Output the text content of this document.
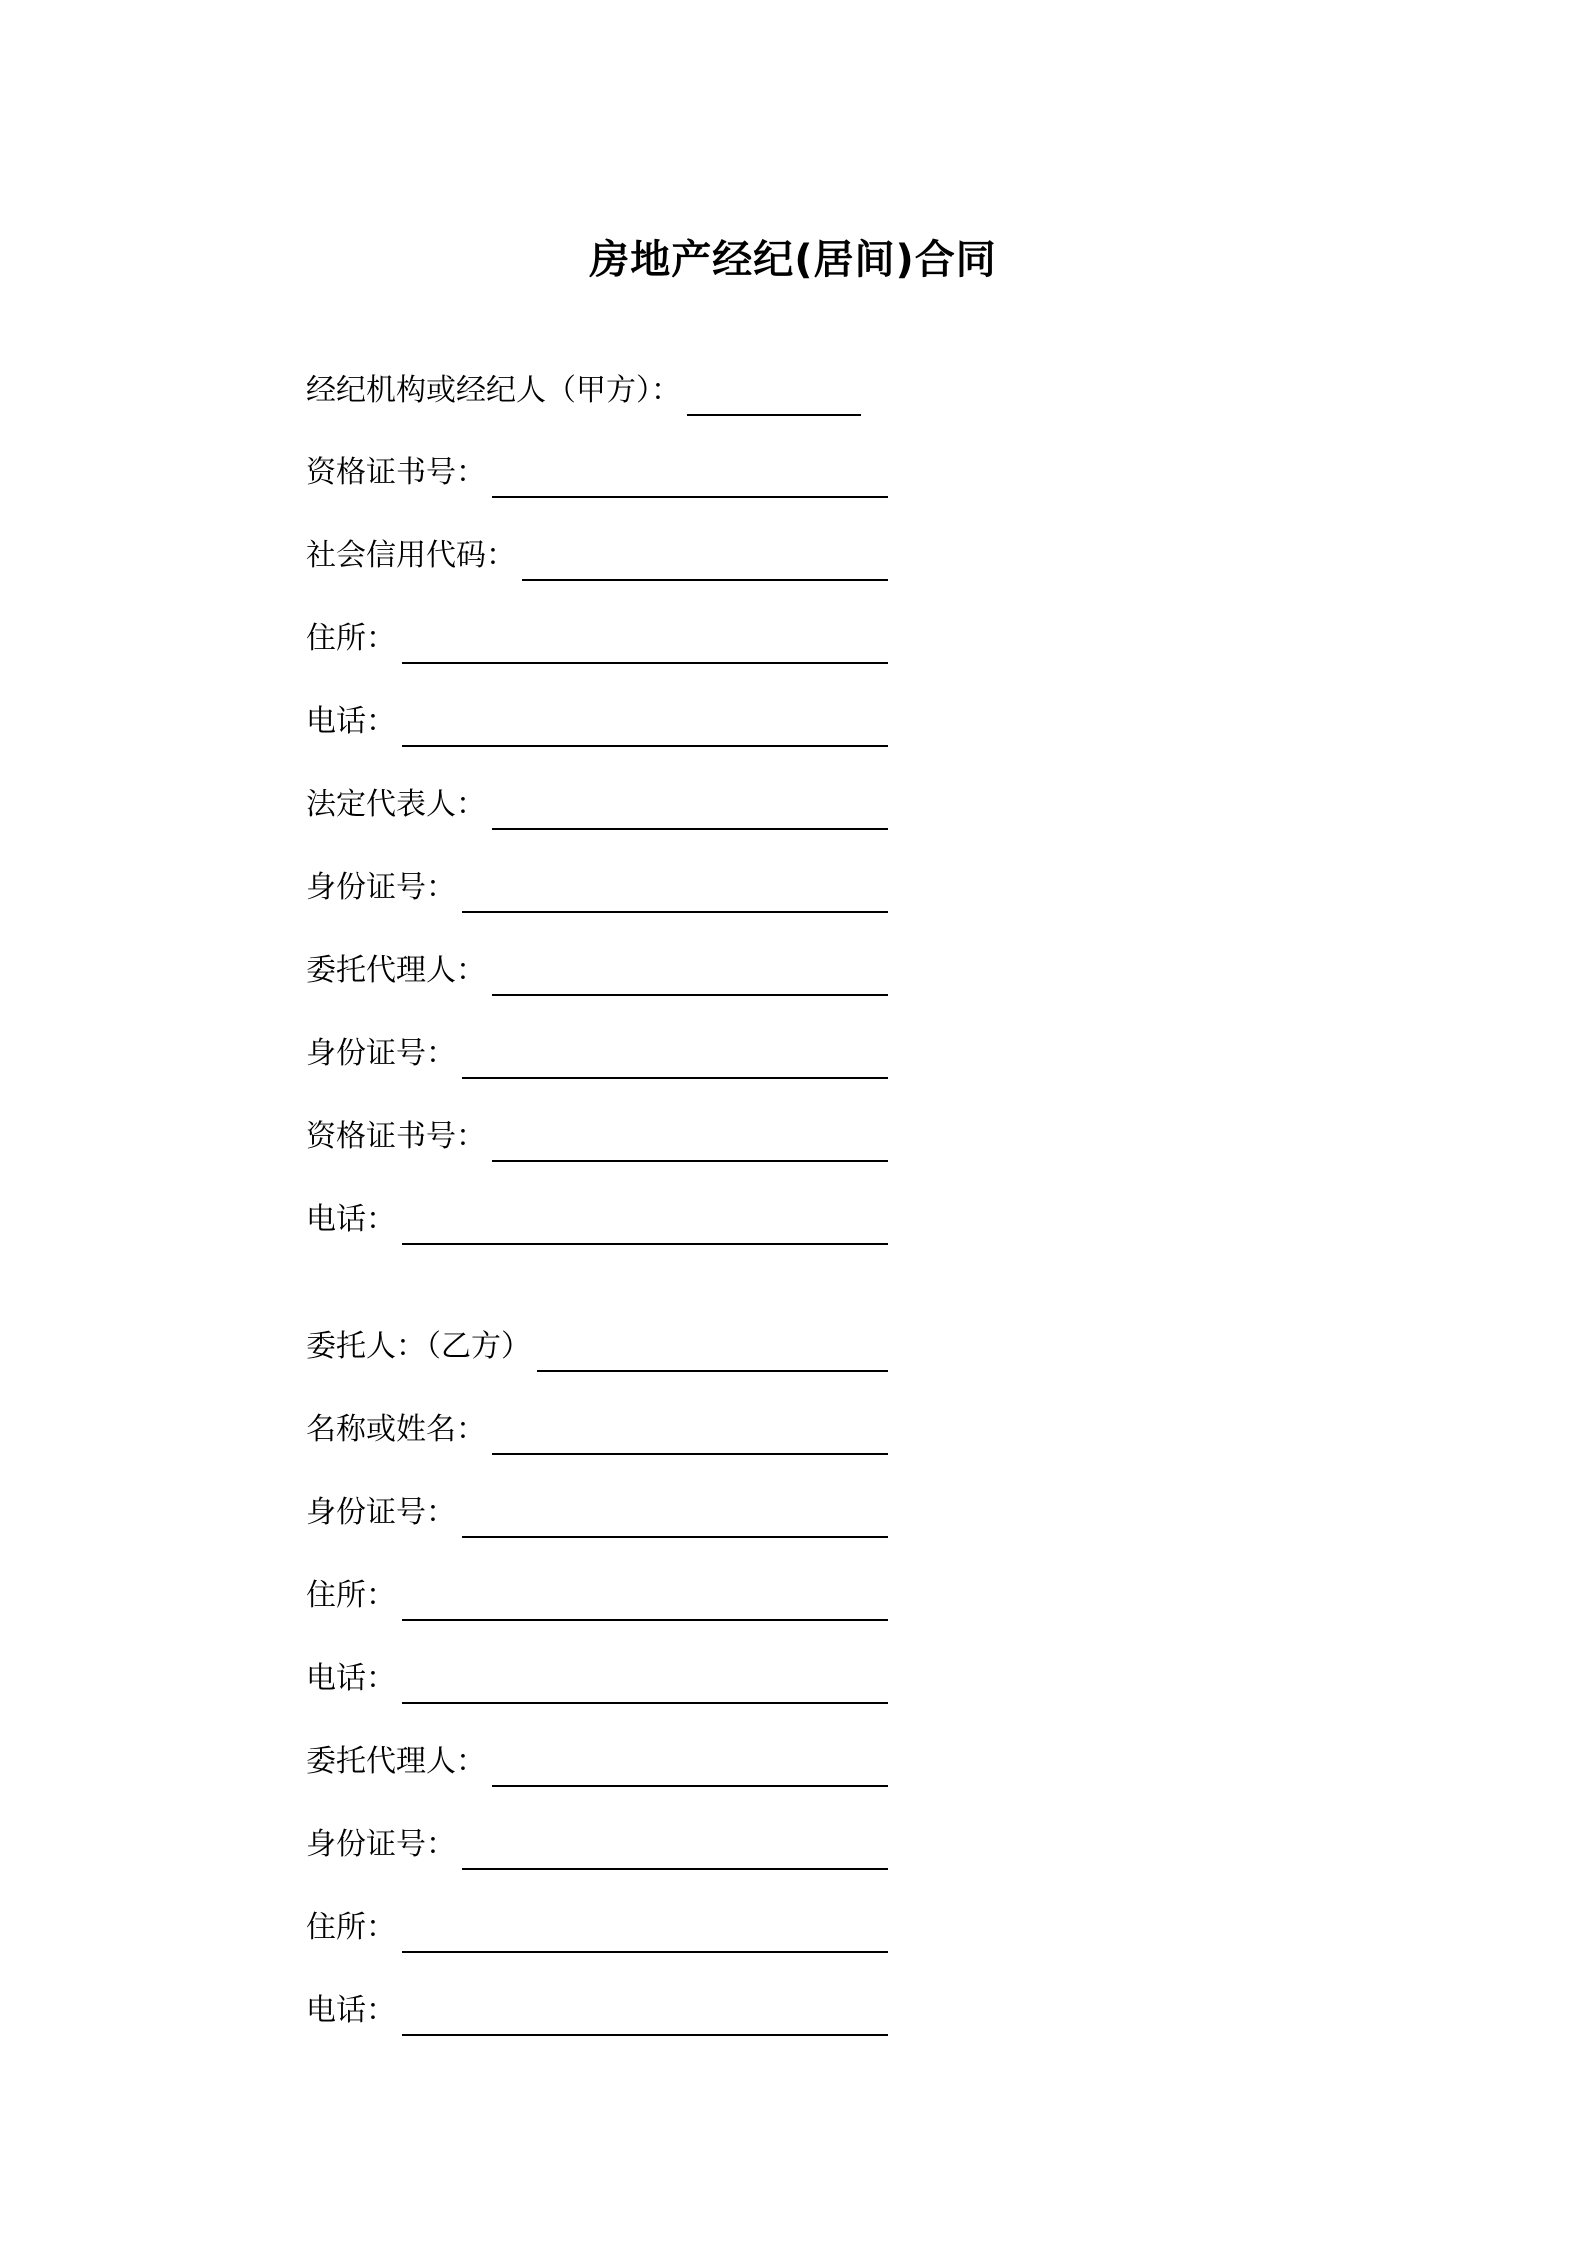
房地产经纪(居间)合同
经纪机构或经纪人（甲方）：
资格证书号：
社会信用代码：
住所：
电话：
法定代表人：
身份证号：
委托代理人：
身份证号：
资格证书号：
电话：
委托人：（乙方）
名称或姓名：
身份证号：
住所：
电话：
委托代理人：
身份证号：
住所：
电话：
